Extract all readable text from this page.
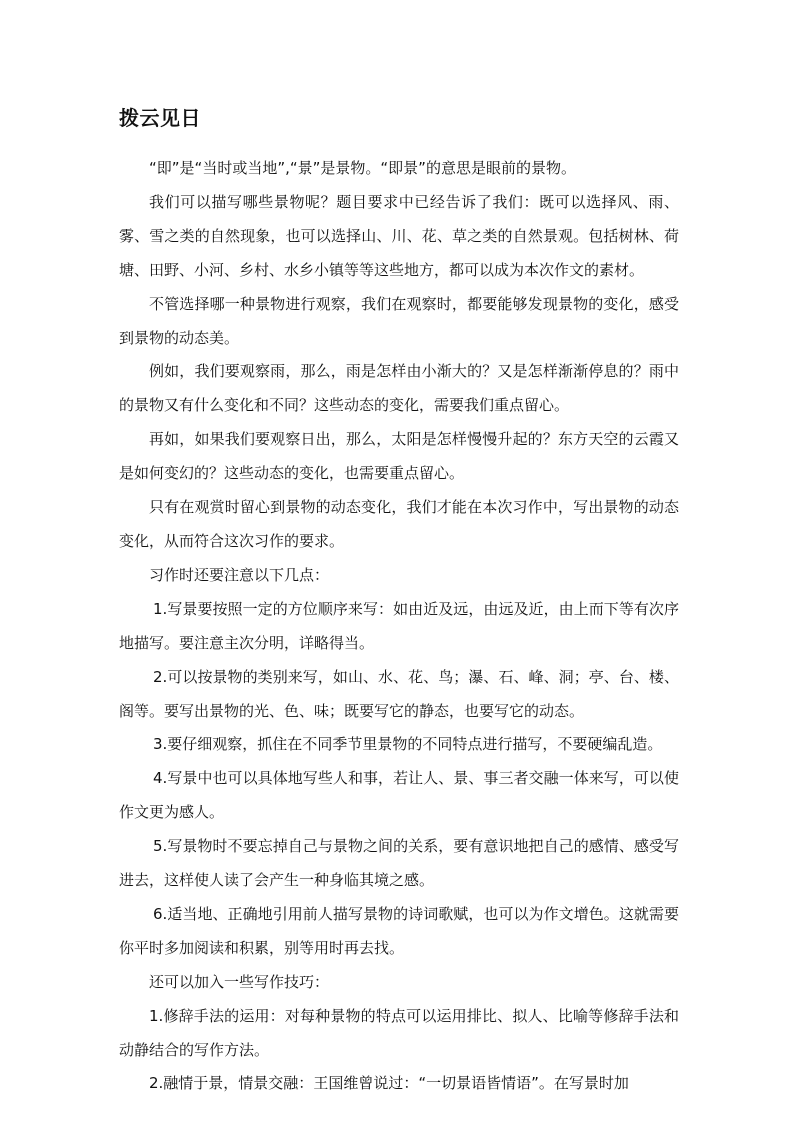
拨云见日

“即”是“当时或当地”,“景”是景物。“即景”的意思是眼前的景物。

我们可以描写哪些景物呢？题目要求中已经告诉了我们：既可以选择风、雨、雾、雪之类的自然现象，也可以选择山、川、花、草之类的自然景观。包括树林、荷塘、田野、小河、乡村、水乡小镇等等这些地方，都可以成为本次作文的素材。

不管选择哪一种景物进行观察，我们在观察时，都要能够发现景物的变化，感受到景物的动态美。

例如，我们要观察雨，那么，雨是怎样由小渐大的？又是怎样渐渐停息的？雨中的景物又有什么变化和不同？这些动态的变化，需要我们重点留心。

再如，如果我们要观察日出，那么，太阳是怎样慢慢升起的？东方天空的云霞又是如何变幻的？这些动态的变化，也需要重点留心。

只有在观赏时留心到景物的动态变化，我们才能在本次习作中，写出景物的动态变化，从而符合这次习作的要求。

习作时还要注意以下几点：

1.写景要按照一定的方位顺序来写：如由近及远，由远及近，由上而下等有次序地描写。要注意主次分明，详略得当。

2.可以按景物的类别来写，如山、水、花、鸟；瀑、石、峰、洞；亭、台、楼、阁等。要写出景物的光、色、味；既要写它的静态，也要写它的动态。

3.要仔细观察，抓住在不同季节里景物的不同特点进行描写，不要硬编乱造。

4.写景中也可以具体地写些人和事，若让人、景、事三者交融一体来写，可以使作文更为感人。

5.写景物时不要忘掉自己与景物之间的关系，要有意识地把自己的感情、感受写进去，这样使人读了会产生一种身临其境之感。

6.适当地、正确地引用前人描写景物的诗词歌赋，也可以为作文增色。这就需要你平时多加阅读和积累，别等用时再去找。

还可以加入一些写作技巧：

1.修辞手法的运用：对每种景物的特点可以运用排比、拟人、比喻等修辞手法和动静结合的写作方法。

2.融情于景，情景交融：王国维曾说过：“一切景语皆情语”。在写景时加
